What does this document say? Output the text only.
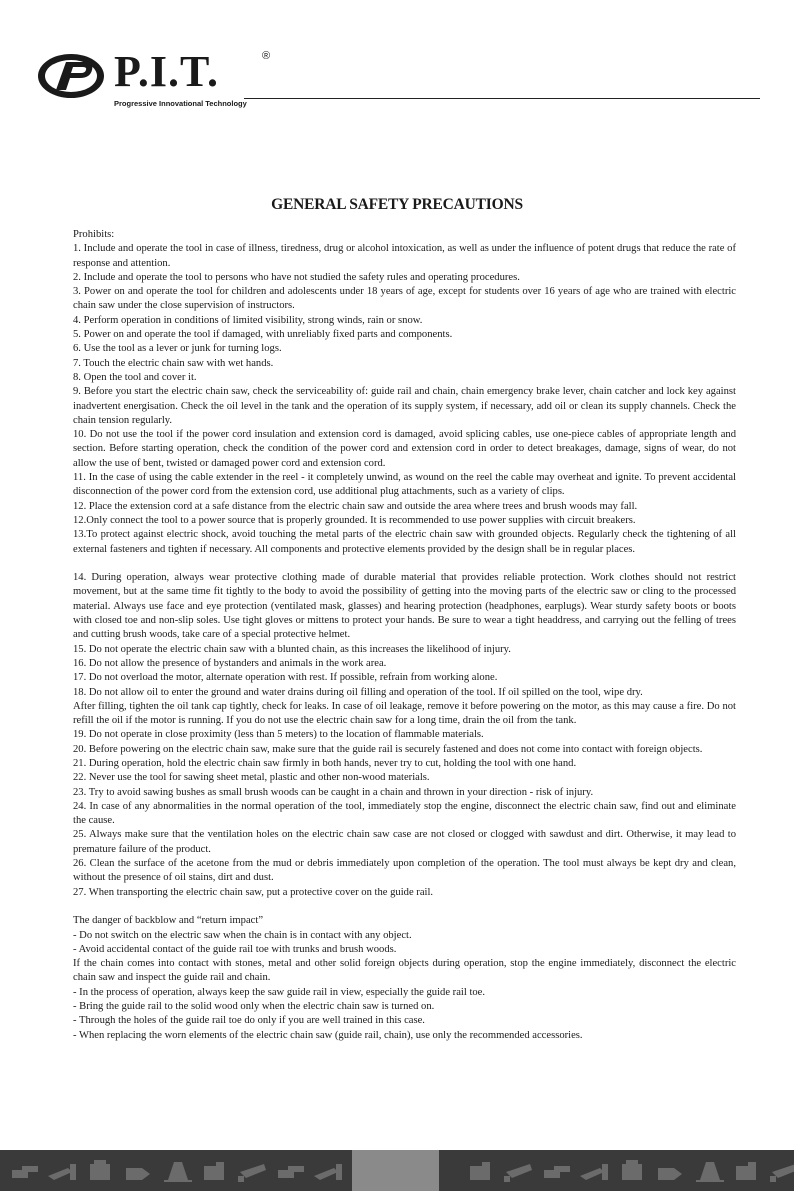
P.I.T.	®
Progressive Innovational Technology
GENERAL SAFETY PRECAUTIONS

Prohibits:

1. Include and operate the tool in case of illness, tiredness, drug or alcohol intoxication, as well as under the influence of potent drugs that reduce the rate of response and attention.

2. Include and operate the tool to persons who have not studied the safety rules and operating procedures.

3. Power on and operate the tool for children and adolescents under 18 years of age, except for students over 16 years of age who are trained with electric chain saw under the close supervision of instructors.

4. Perform operation in conditions of limited visibility, strong winds, rain or snow.

5. Power on and operate the tool if damaged, with unreliably fixed parts and components.

6. Use the tool as a lever or junk for turning logs.

7. Touch the electric chain saw with wet hands.

8. Open the tool and cover it.

9. Before you start the electric chain saw, check the serviceability of: guide rail and chain, chain emergency brake lever, chain catcher and lock key against inadvertent energisation. Check the oil level in the tank and the operation of its supply system, if necessary, add oil or clean its supply channels. Check the chain tension regularly.

10. Do not use the tool if the power cord insulation and extension cord is damaged, avoid splicing cables, use one-piece cables of appropriate length and section. Before starting operation, check the condition of the power cord and extension cord in order to detect breakages, damage, signs of wear, do not allow the use of bent, twisted or damaged power cord and extension cord.

11. In the case of using the cable extender in the reel - it completely unwind, as wound on the reel the cable may overheat and ignite. To prevent accidental disconnection of the power cord from the extension cord, use additional plug attachments, such as a variety of clips.

12. Place the extension cord at a safe distance from the electric chain saw and outside the area where trees and brush woods may fall.

12.Only connect the tool to a power source that is properly grounded. It is recommended to use power supplies with circuit breakers.

13.To protect against electric shock, avoid touching the metal parts of the electric chain saw with grounded objects. Regularly check the tightening of all external fasteners and tighten if necessary. All components and protective elements provided by the design shall be in regular places.

14. During operation, always wear protective clothing made of durable material that provides reliable protection. Work clothes should not restrict movement, but at the same time fit tightly to the body to avoid the possibility of getting into the moving parts of the electric saw or cling to the processed material. Always use face and eye protection (ventilated mask, glasses) and hearing protection (headphones, earplugs). Wear sturdy safety boots or boots with closed toe and non-slip soles. Use tight gloves or mittens to protect your hands. Be sure to wear a tight headdress, and carrying out the felling of trees and cutting brush woods, take care of a special protective helmet.

15. Do not operate the electric chain saw with a blunted chain, as this increases the likelihood of injury.

16. Do not allow the presence of bystanders and animals in the work area.

17. Do not overload the motor, alternate operation with rest. If possible, refrain from working alone.

18. Do not allow oil to enter the ground and water drains during oil filling and operation of the tool. If oil spilled on the tool, wipe dry.

After filling, tighten the oil tank cap tightly, check for leaks. In case of oil leakage, remove it before powering on the motor, as this may cause a fire. Do not refill the oil if the motor is running. If you do not use the electric chain saw for a long time, drain the oil from the tank.

19. Do not operate in close proximity (less than 5 meters) to the location of flammable materials.

20. Before powering on the electric chain saw, make sure that the guide rail is securely fastened and does not come into contact with foreign objects.

21. During operation, hold the electric chain saw firmly in both hands, never try to cut, holding the tool with one hand.

22. Never use the tool for sawing sheet metal, plastic and other non-wood materials.

23. Try to avoid sawing bushes as small brush woods can be caught in a chain and thrown in your direction - risk of injury.

24. In case of any abnormalities in the normal operation of the tool, immediately stop the engine, disconnect the electric chain saw, find out and eliminate the cause.

25. Always make sure that the ventilation holes on the electric chain saw case are not closed or clogged with sawdust and dirt. Otherwise, it may lead to premature failure of the product.

26. Clean the surface of the acetone from the mud or debris immediately upon completion of the operation. The tool must always be kept dry and clean, without the presence of oil stains, dirt and dust.

27. When transporting the electric chain saw, put a protective cover on the guide rail.

The danger of backblow and “return impact”

- Do not switch on the electric saw when the chain is in contact with any object.

- Avoid accidental contact of the guide rail toe with trunks and brush woods.

If the chain comes into contact with stones, metal and other solid foreign objects during operation, stop the engine immediately, disconnect the electric chain saw and inspect the guide rail and chain.

- In the process of operation, always keep the saw guide rail in view, especially the guide rail toe.

- Bring the guide rail to the solid wood only when the electric chain saw is turned on.

- Through the holes of the guide rail toe do only if you are well trained in this case.

- When replacing the worn elements of the electric chain saw (guide rail, chain), use only the recommended accessories.
